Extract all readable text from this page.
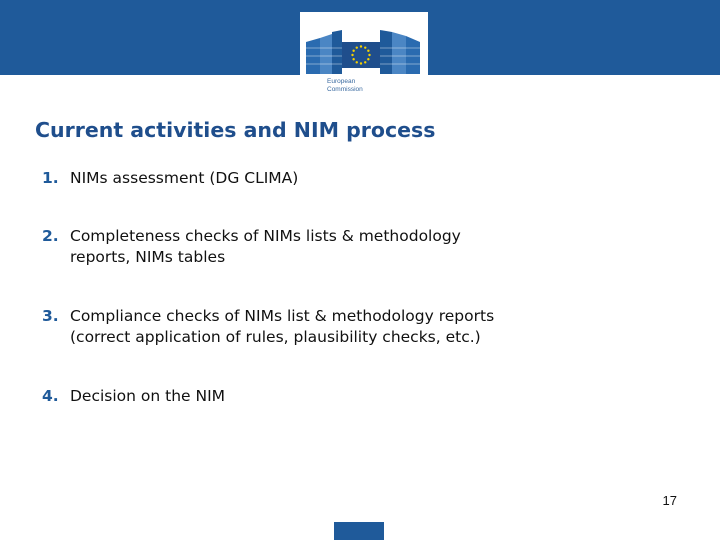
European
Commission
Current activities and NIM process
1. NIMs assessment (DG CLIMA)
2. Completeness checks of NIMs lists & methodology
reports, NIMs tables
3. Compliance checks of NIMs list & methodology reports
(correct application of rules, plausibility checks, etc.)
4. Decision on the NIM
17
